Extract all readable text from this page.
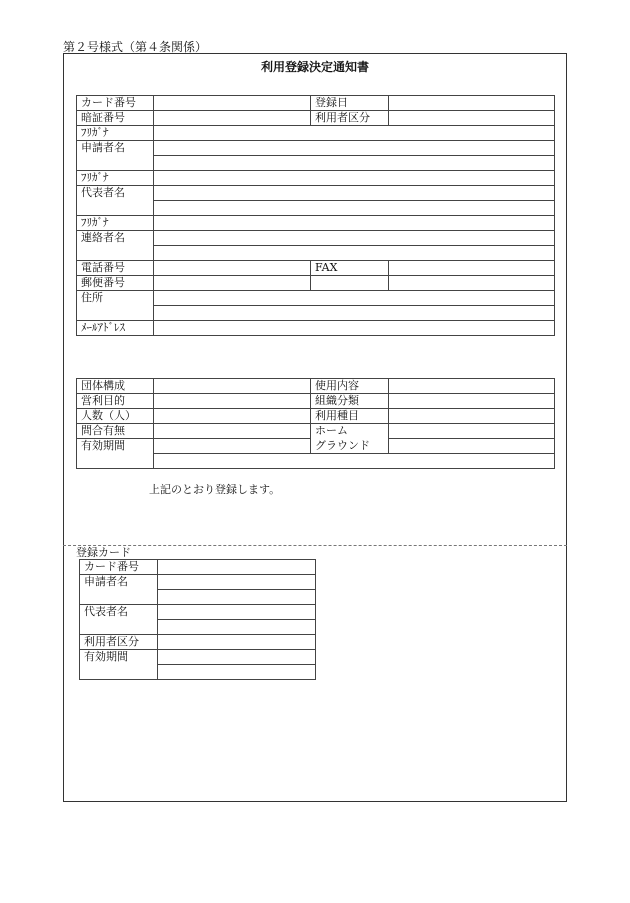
第２号様式（第４条関係）
利用登録決定通知書
カード番号		登録日	
暗証番号		利用者区分	
ﾌﾘｶﾞﾅ			
申請者名			

ﾌﾘｶﾞﾅ			
代表者名			

ﾌﾘｶﾞﾅ			
連絡者名			

電話番号		FAX	
郵便番号			
住所			

ﾒｰﾙｱﾄﾞﾚｽ			
団体構成		使用内容	
営利目的		組織分類	
人数（人）		利用種目	
問合有無		ホーム	
有効期間		グラウンド	

上記のとおり登録します。
登録カード
カード番号	
申請者名	

代表者名	

利用者区分	
有効期間	
